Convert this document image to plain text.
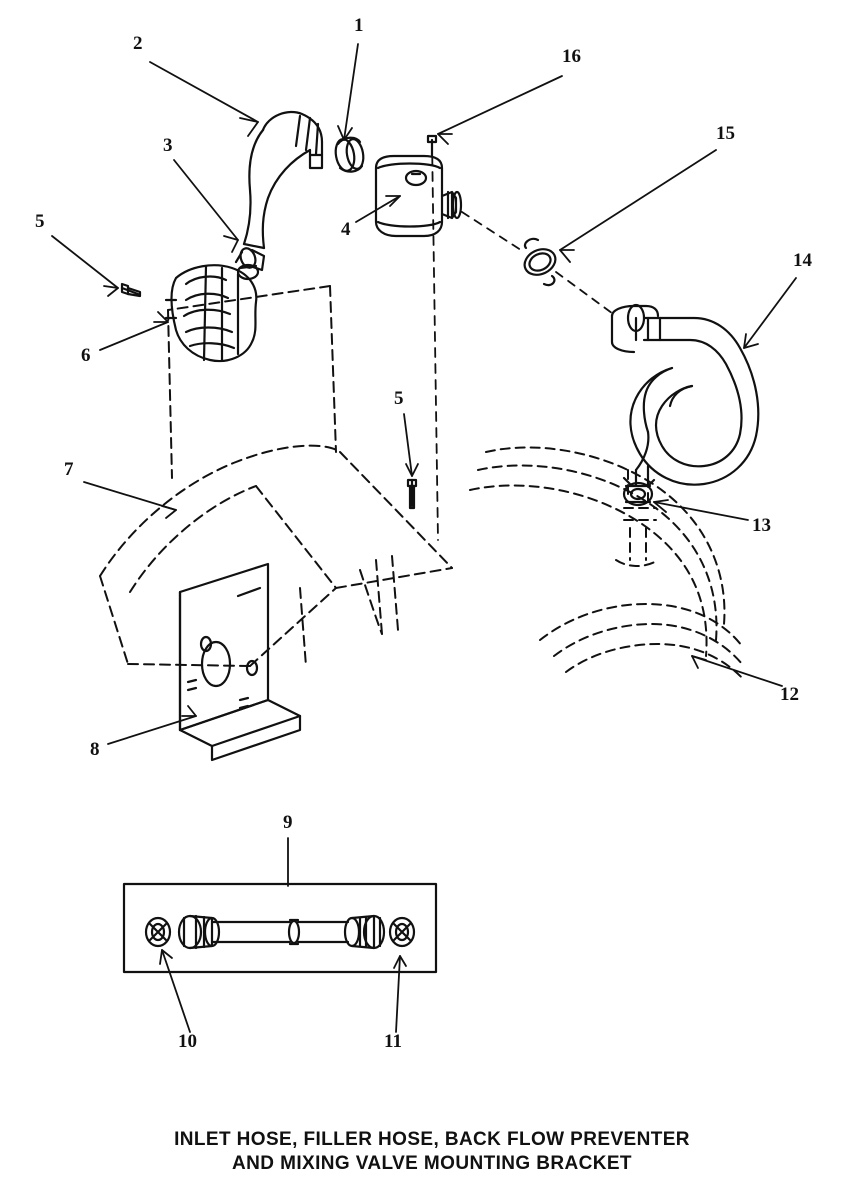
2
1
16
15
3
5	4
14
6
5
7
13
12
8
9
10	11
INLET HOSE, FILLER HOSE, BACK FLOW PREVENTER
AND MIXING VALVE MOUNTING BRACKET
